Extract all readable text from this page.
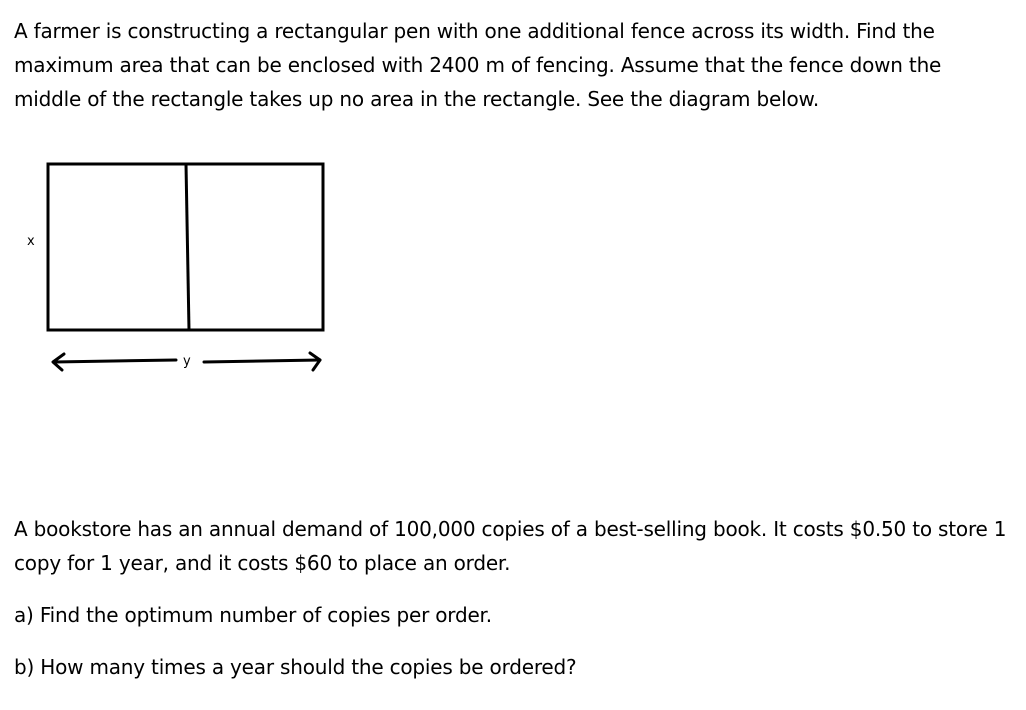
A farmer is constructing a rectangular pen with one additional fence across its width. Find the maximum area that can be enclosed with 2400 m of fencing. Assume that the fence down the middle of the rectangle takes up no area in the rectangle. See the diagram below.

x
y

A bookstore has an annual demand of 100,000 copies of a best-selling book. It costs $0.50 to store 1 copy for 1 year, and it costs $60 to place an order.

a) Find the optimum number of copies per order.

b) How many times a year should the copies be ordered?
